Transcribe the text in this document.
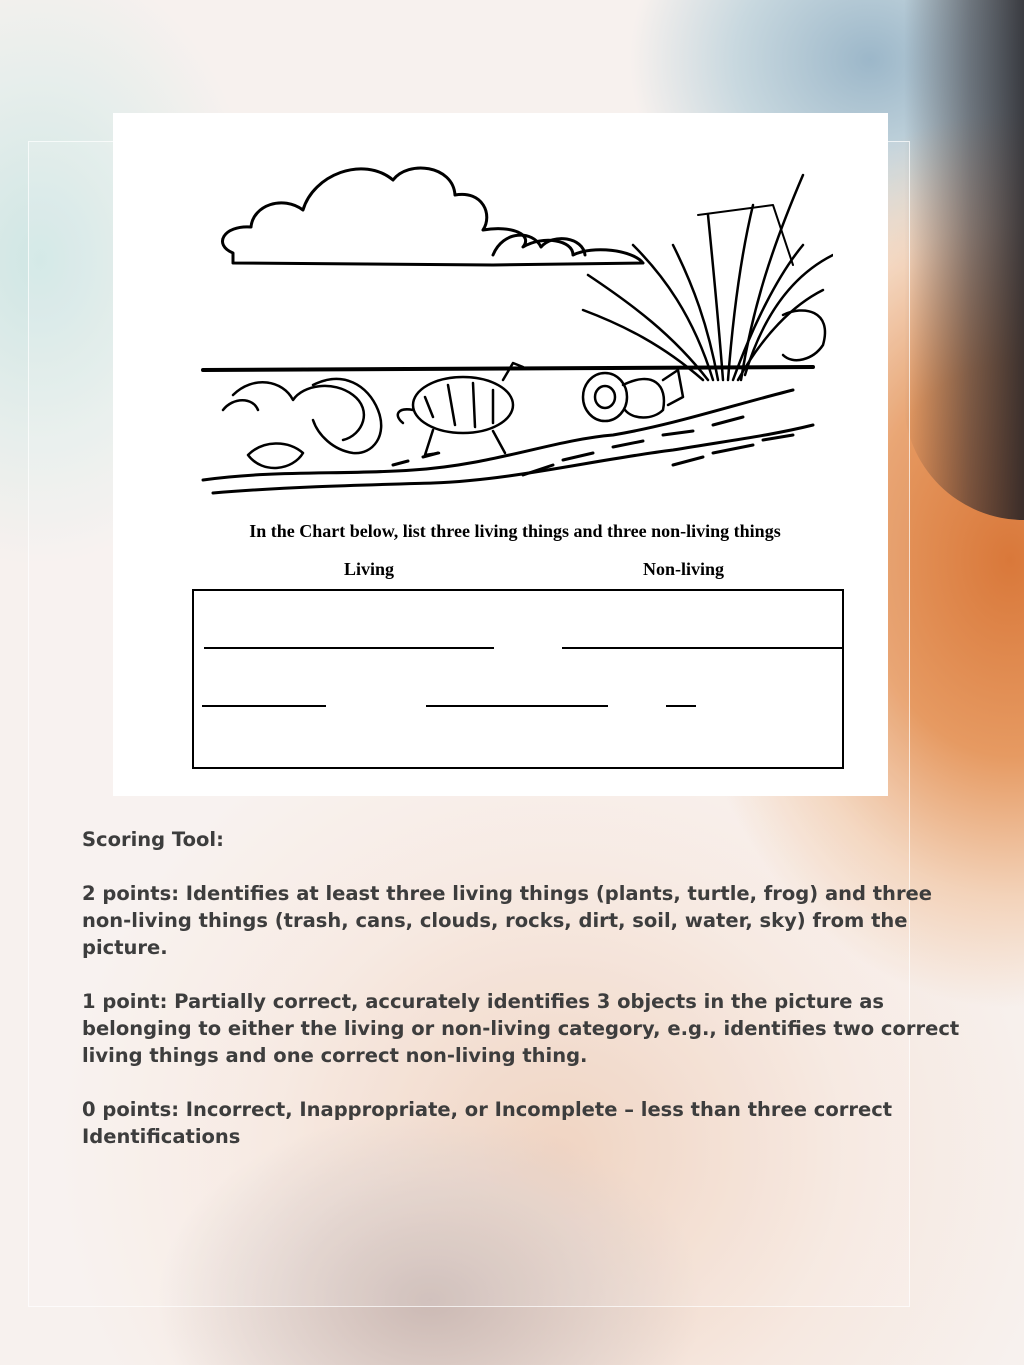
In the Chart below, list three living things and three non-living things
Living	Non-living

Scoring Tool:

2 points: Identifies at least three living things (plants, turtle, frog) and three non-living things (trash, cans, clouds, rocks, dirt, soil, water, sky) from the picture.

1 point: Partially correct, accurately identifies 3 objects in the picture as belonging to either the living or non-living category, e.g., identifies two correct living things and one correct non-living thing.

0 points: Incorrect, Inappropriate, or Incomplete – less than three correct Identifications
